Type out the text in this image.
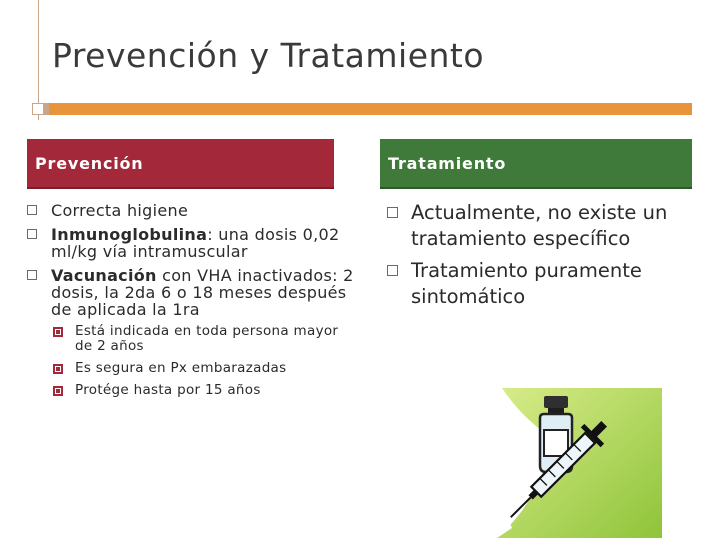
Prevención y Tratamiento
Prevención	Tratamiento
Correcta higiene
Inmunoglobulina: una dosis 0,02 ml/kg vía intramuscular
Vacunación con VHA inactivados: 2 dosis, la 2da 6 o 18 meses después de aplicada la 1ra
Está indicada en toda persona mayor de 2 años
Es segura en Px embarazadas
Protége hasta por 15 años
Actualmente, no existe un tratamiento específico
Tratamiento puramente sintomático
